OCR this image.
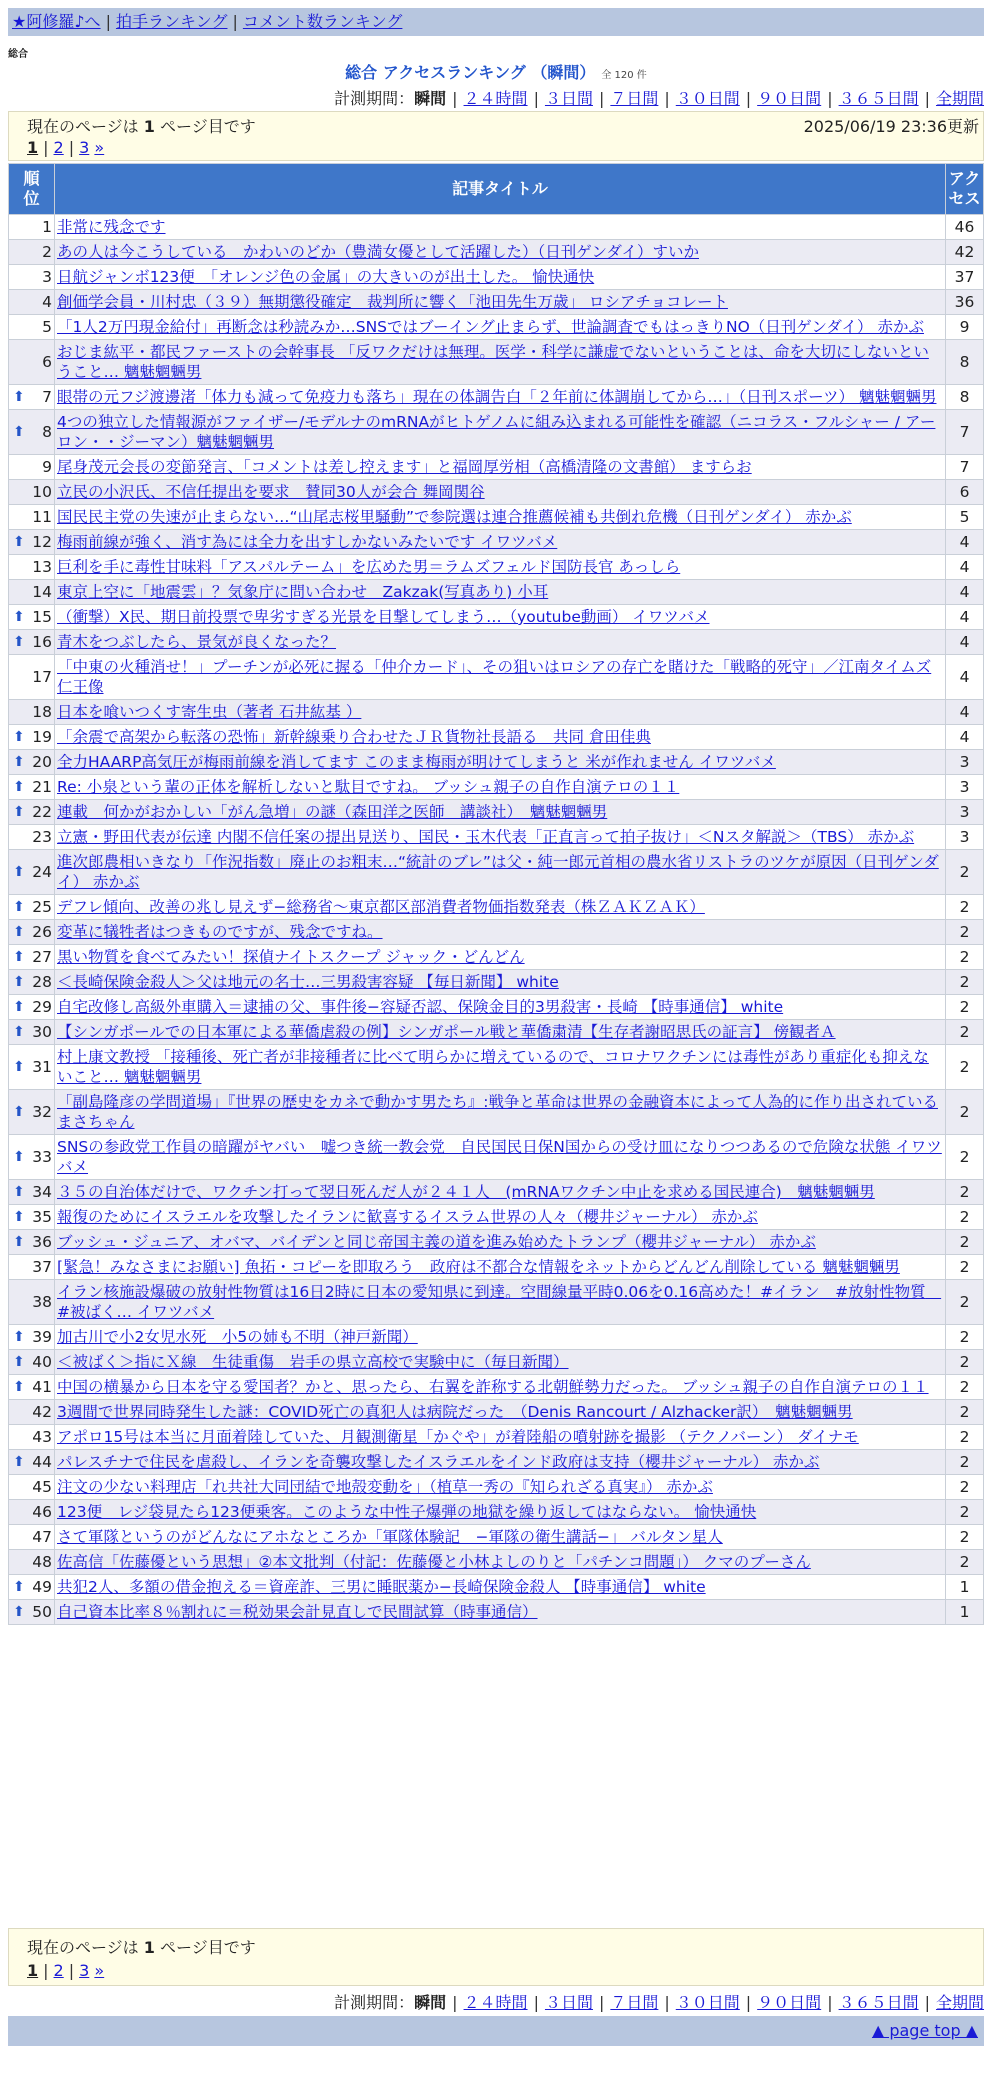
★阿修羅♪へ | 拍手ランキング | コメント数ランキング
総合
総合 アクセスランキング （瞬間） 全 120 件
計測期間：瞬間 | ２４時間 | ３日間 | ７日間 | ３０日間 | ９０日間 | ３６５日間 | 全期間
現在のページは 1 ページ目です	2025/06/19 23:36更新
1 | 2 | 3 »
順位	記事タイトル	アクセス
1	非常に残念です	46
2	あの人は今こうしている　かわいのどか（豊満女優として活躍した）（日刊ゲンダイ）すいか	42
3	日航ジャンボ123便　「オレンジ色の金属」の大きいのが出土した。 愉快通快	37
4	創価学会員・川村忠（３９）無期懲役確定　裁判所に響く「池田先生万歳」 ロシアチョコレート	36
5	「1人2万円現金給付」再断念は秒読みか…SNSではブーイング止まらず、世論調査でもはっきりNO（日刊ゲンダイ） 赤かぶ	9
6	おじま紘平・都民ファーストの会幹事長 「反ワクだけは無理。医学・科学に謙虚でないということは、命を大切にしないということ… 魑魅魍魎男	8

⬆ 7	眼帯の元フジ渡邊渚「体力も減って免疫力も落ち」現在の体調告白「２年前に体調崩してから…」（日刊スポーツ） 魑魅魍魎男	8

⬆ 8	4つの独立した情報源がファイザー/モデルナのmRNAがヒトゲノムに組み込まれる可能性を確認（ニコラス・フルシャー / アーロン・・ジーマン）魑魅魍魎男	7
9	尾身茂元会長の変節発言、「コメントは差し控えます」と福岡厚労相（高橋清隆の文書館） ますらお	7
10	立民の小沢氏、不信任提出を要求　賛同30人が会合 舞岡関谷	6
11	国民民主党の失速が止まらない…“山尾志桜里騒動”で参院選は連合推薦候補も共倒れ危機（日刊ゲンダイ） 赤かぶ	5

⬆ 12	梅雨前線が強く、消す為には全力を出すしかないみたいです イワツバメ	4
13	巨利を手に毒性甘味料「アスパルテーム」を広めた男＝ラムズフェルド国防長官 あっしら	4
14	東京上空に「地震雲」？気象庁に問い合わせ　Zakzak(写真あり) 小耳	4

⬆ 15	（衝撃）X民、期日前投票で卑劣すぎる光景を目撃してしまう…（youtube動画） イワツバメ	4

⬆ 16	青木をつぶしたら、景気が良くなった？	4
17	「中東の火種消せ！」プーチンが必死に握る「仲介カード」、その狙いはロシアの存亡を賭けた「戦略的死守」／江南タイムズ 仁王像	4
18	日本を喰いつくす寄生虫（著者 石井紘基 ）	4

⬆ 19	「余震で高架から転落の恐怖」新幹線乗り合わせたＪＲ貨物社長語る　共同 倉田佳典	4

⬆ 20	全力HAARP高気圧が梅雨前線を消してます このまま梅雨が明けてしまうと 米が作れません イワツバメ	3

⬆ 21	Re: 小泉という輩の正体を解析しないと駄目ですね。 ブッシュ親子の自作自演テロの１１	3

⬆ 22	連載　何かがおかしい「がん急増」の謎（森田洋之医師　講談社）　魑魅魍魎男	3
23	立憲・野田代表が伝達 内閣不信任案の提出見送り、国民・玉木代表「正直言って拍子抜け」＜Nスタ解説＞（TBS） 赤かぶ	3

⬆ 24	進次郎農相いきなり「作況指数」廃止のお粗末…“統計のブレ”は父・純一郎元首相の農水省リストラのツケが原因（日刊ゲンダイ） 赤かぶ	2

⬆ 25	デフレ傾向、改善の兆し見えず−総務省〜東京都区部消費者物価指数発表（株ＺＡＫＺＡＫ）	2

⬆ 26	変革に犠牲者はつきものですが、残念ですね。	2

⬆ 27	黒い物質を食べてみたい！探偵ナイトスクープ ジャック・どんどん	2

⬆ 28	＜長崎保険金殺人＞父は地元の名士…三男殺害容疑 【毎日新聞】 white	2

⬆ 29	自宅改修し高級外車購入＝逮捕の父、事件後−容疑否認、保険金目的3男殺害・長崎 【時事通信】 white	2

⬆ 30	【シンガポールでの日本軍による華僑虐殺の例】シンガポール戦と華僑粛清【生存者謝昭思氏の証言】 傍観者Ａ	2

⬆ 31	村上康文教授 「接種後、死亡者が非接種者に比べて明らかに増えているので、コロナワクチンには毒性があり重症化も抑えないこと… 魑魅魍魎男	2

⬆ 32	「副島隆彦の学問道場」『世界の歴史をカネで動かす男たち』:戦争と革命は世界の金融資本によって人為的に作り出されている まさちゃん	2

⬆ 33	SNSの参政党工作員の暗躍がヤバい　嘘つき統一教会党　自民国民日保N国からの受け皿になりつつあるので危険な状態 イワツバメ	2

⬆ 34	３５の自治体だけで、ワクチン打って翌日死んだ人が２４１人　(mRNAワクチン中止を求める国民連合)　魑魅魍魎男	2

⬆ 35	報復のためにイスラエルを攻撃したイランに歓喜するイスラム世界の人々（櫻井ジャーナル） 赤かぶ	2

⬆ 36	ブッシュ・ジュニア、オバマ、バイデンと同じ帝国主義の道を進み始めたトランプ（櫻井ジャーナル） 赤かぶ	2
37	[緊急！みなさまにお願い] 魚拓・コピーを即取ろう　政府は不都合な情報をネットからどんどん削除している 魑魅魍魎男	2
38	イラン核施設爆破の放射性物質は16日2時に日本の愛知県に到達。空間線量平時0.06を0.16高めた！#イラン　#放射性物質　#被ばく… イワツバメ	2

⬆ 39	加古川で小2女児水死　小5の姉も不明（神戸新聞）	2

⬆ 40	＜被ばく＞指にＸ線　生徒重傷　岩手の県立高校で実験中に（毎日新聞）	2

⬆ 41	中国の横暴から日本を守る愛国者？かと、思ったら、右翼を詐称する北朝鮮勢力だった。 ブッシュ親子の自作自演テロの１１	2
42	3週間で世界同時発生した謎：COVID死亡の真犯人は病院だった　（Denis Rancourt / Alzhacker訳）　魑魅魍魎男	2
43	アポロ15号は本当に月面着陸していた、月観測衛星「かぐや」が着陸船の噴射跡を撮影 （テクノバーン） ダイナモ	2

⬆ 44	パレスチナで住民を虐殺し、イランを奇襲攻撃したイスラエルをインド政府は支持（櫻井ジャーナル） 赤かぶ	2
45	注文の少ない料理店「れ共社大同団結で地殻変動を」（植草一秀の『知られざる真実』） 赤かぶ	2
46	123便　レジ袋見たら123便乗客。このような中性子爆弾の地獄を繰り返してはならない。 愉快通快	2
47	さて軍隊というのがどんなにアホなところか「軍隊体験記　−軍隊の衛生講話−」 バルタン星人	2
48	佐高信「佐藤優という思想」②本文批判（付記：佐藤優と小林よしのりと「パチンコ問題」） クマのプーさん	2

⬆ 49	共犯2人、多額の借金抱える＝資産詐、三男に睡眠薬か−長崎保険金殺人 【時事通信】 white	1

⬆ 50	自己資本比率８％割れに＝税効果会計見直しで民間試算（時事通信）	1
現在のページは 1 ページ目です
1 | 2 | 3 »
計測期間：瞬間 | ２４時間 | ３日間 | ７日間 | ３０日間 | ９０日間 | ３６５日間 | 全期間
▲ page top ▲
